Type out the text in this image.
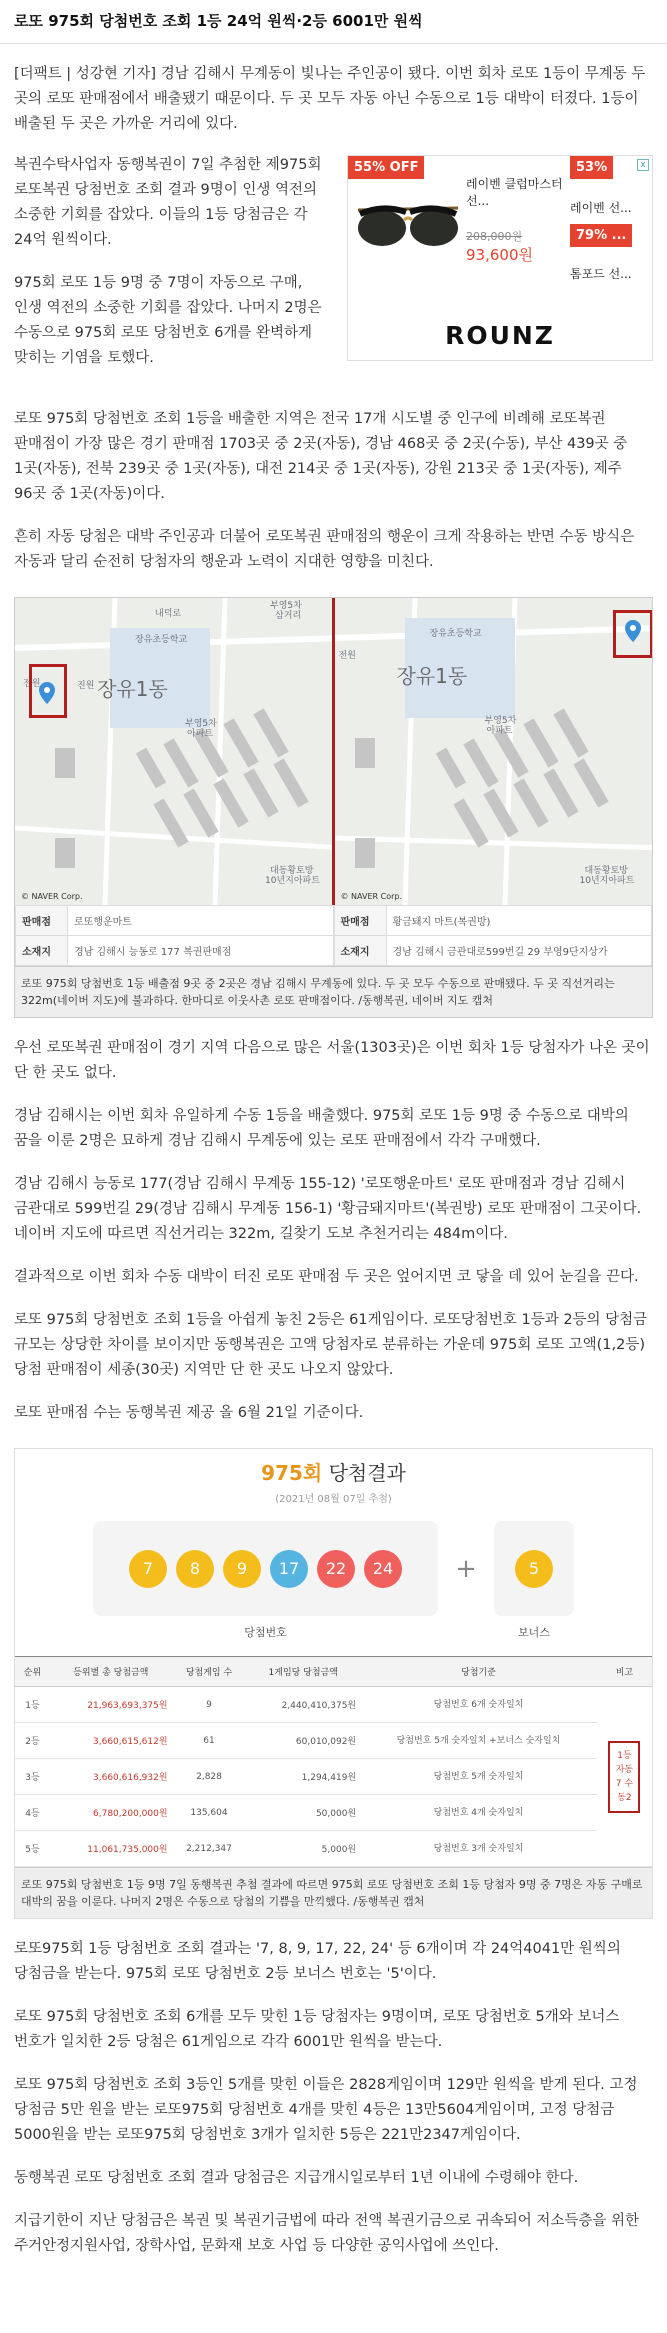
로또 975회 당첨번호 조회 1등 24억 원씩·2등 6001만 원씩

[더팩트 | 성강현 기자] 경남 김해시 무계동이 빛나는 주인공이 됐다. 이번 회차 로또 1등이 무계동 두 곳의 로또 판매점에서 배출됐기 때문이다. 두 곳 모두 자동 아닌 수동으로 1등 대박이 터졌다. 1등이 배출된 두 곳은 가까운 거리에 있다.

복권수탁사업자 동행복권이 7일 추첨한 제975회 로또복권 당첨번호 조회 결과 9명이 인생 역전의 소중한 기회를 잡았다. 이들의 1등 당첨금은 각 24억 원씩이다.

975회 로또 1등 9명 중 7명이 자동으로 구매, 인생 역전의 소중한 기회를 잡았다. 나머지 2명은 수동으로 975회 로또 당첨번호 6개를 완벽하게 맞히는 기염을 토했다.

55% OFF
레이벤 클럽마스터 선...
208,000원
93,600원
x
53%
레이벤 선...
79% ...
톰포드 선...
ROUNZ

로또 975회 당첨번호 조회 1등을 배출한 지역은 전국 17개 시도별 중 인구에 비례해 로또복권 판매점이 가장 많은 경기 판매점 1703곳 중 2곳(자동), 경남 468곳 중 2곳(수동), 부산 439곳 중 1곳(자동), 전북 239곳 중 1곳(자동), 대전 214곳 중 1곳(자동), 강원 213곳 중 1곳(자동), 제주 96곳 중 1곳(자동)이다.

흔히 자동 당첨은 대박 주인공과 더불어 로또복권 판매점의 행운이 크게 작용하는 반면 수동 방식은 자동과 달리 순전히 당첨자의 행운과 노력이 지대한 영향을 미친다.

내덕로
부영5차
삼거리
장유초등학교
부영5차
아파트
대동황토방
10년지아파트
장유1동
전원	진원
© NAVER Corp.
장유초등학교
부영5차
아파트
대동황토방
10년지아파트
장유1동
전원
© NAVER Corp.
판매점	로또행운마트
소재지	경남 김해시 능동로 177 복권판매점
판매점	황금돼지 마트(복권방)
소재지	경남 김해시 금관대로599번길 29 부영9단지상가
로또 975회 당첨번호 1등 배출점 9곳 중 2곳은 경남 김해시 무계동에 있다. 두 곳 모두 수동으로 판매됐다. 두 곳 직선거리는 322m(네이버 지도)에 불과하다. 한마디로 이웃사촌 로또 판매점이다. /동행복권, 네이버 지도 캡처

우선 로또복권 판매점이 경기 지역 다음으로 많은 서울(1303곳)은 이번 회차 1등 당첨자가 나온 곳이 단 한 곳도 없다.

경남 김해시는 이번 회차 유일하게 수동 1등을 배출했다. 975회 로또 1등 9명 중 수동으로 대박의 꿈을 이룬 2명은 묘하게 경남 김해시 무계동에 있는 로또 판매점에서 각각 구매했다.

경남 김해시 능동로 177(경남 김해시 무계동 155-12) '로또행운마트' 로또 판매점과 경남 김해시 금관대로 599번길 29(경남 김해시 무계동 156-1) '황금돼지마트'(복권방) 로또 판매점이 그곳이다. 네이버 지도에 따르면 직선거리는 322m, 길찾기 도보 추천거리는 484m이다.

결과적으로 이번 회차 수동 대박이 터진 로또 판매점 두 곳은 엎어지면 코 닿을 데 있어 눈길을 끈다.

로또 975회 당첨번호 조회 1등을 아쉽게 놓친 2등은 61게임이다. 로또당첨번호 1등과 2등의 당첨금 규모는 상당한 차이를 보이지만 동행복권은 고액 당첨자로 분류하는 가운데 975회 로또 고액(1,2등) 당첨 판매점이 세종(30곳) 지역만 단 한 곳도 나오지 않았다.

로또 판매점 수는 동행복권 제공 올 6월 21일 기준이다.

975회 당첨결과
(2021년 08월 07일 추첨)
7	8	9	17	22	24	+	5
당첨번호	보너스
순위	등위별 총 당첨금액	당첨게임 수	1게임당 당첨금액	당첨기준	비고
1등	21,963,693,375원	9	2,440,410,375원	당첨번호 6개 숫자일치	1등 자동7 수동2
2등	3,660,615,612원	61	60,010,092원	당첨번호 5개 숫자일치 +보너스 숫자일치	
3등	3,660,616,932원	2,828	1,294,419원	당첨번호 5개 숫자일치	
4등	6,780,200,000원	135,604	50,000원	당첨번호 4개 숫자일치	
5등	11,061,735,000원	2,212,347	5,000원	당첨번호 3개 숫자일치	
로또 975회 당첨번호 1등 9명 7일 동행복권 추첨 결과에 따르면 975회 로또 당첨번호 조회 1등 당첨자 9명 중 7명은 자동 구매로 대박의 꿈을 이룬다. 나머지 2명은 수동으로 당첨의 기쁨을 만끽했다. /동행복권 캡처

로또975회 1등 당첨번호 조회 결과는 '7, 8, 9, 17, 22, 24' 등 6개이며 각 24억4041만 원씩의 당첨금을 받는다. 975회 로또 당첨번호 2등 보너스 번호는 '5'이다.

로또 975회 당첨번호 조회 6개를 모두 맞힌 1등 당첨자는 9명이며, 로또 당첨번호 5개와 보너스 번호가 일치한 2등 당첨은 61게임으로 각각 6001만 원씩을 받는다.

로또 975회 당첨번호 조회 3등인 5개를 맞힌 이들은 2828게임이며 129만 원씩을 받게 된다. 고정 당첨금 5만 원을 받는 로또975회 당첨번호 4개를 맞힌 4등은 13만5604게임이며, 고정 당첨금 5000원을 받는 로또975회 당첨번호 3개가 일치한 5등은 221만2347게임이다.

동행복권 로또 당첨번호 조회 결과 당첨금은 지급개시일로부터 1년 이내에 수령해야 한다.

지급기한이 지난 당첨금은 복권 및 복권기금법에 따라 전액 복권기금으로 귀속되어 저소득층을 위한 주거안정지원사업, 장학사업, 문화재 보호 사업 등 다양한 공익사업에 쓰인다.
